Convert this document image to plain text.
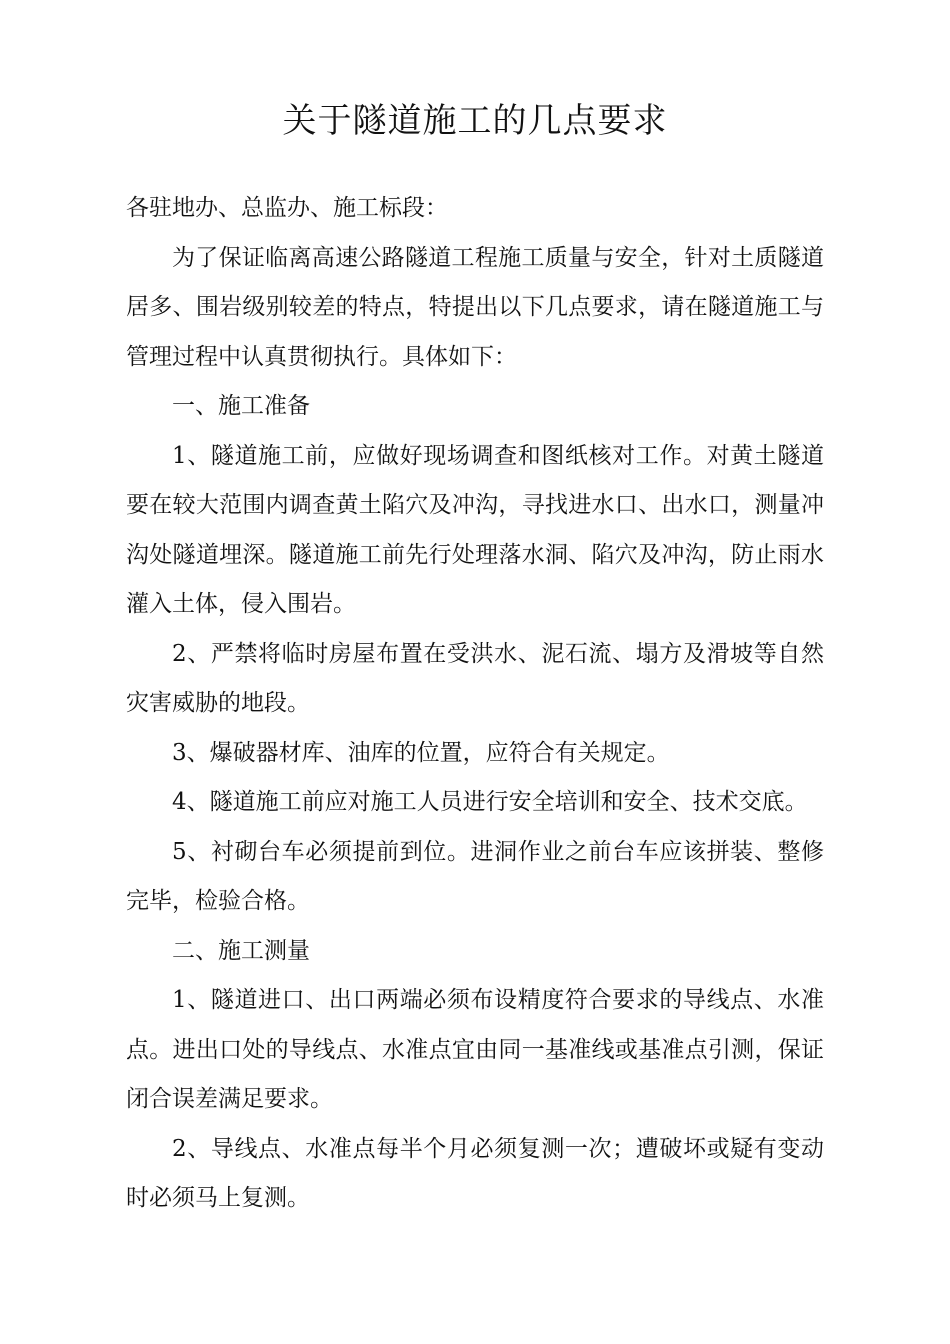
关于隧道施工的几点要求

各驻地办、总监办、施工标段：

为了保证临离高速公路隧道工程施工质量与安全，针对土质隧道居多、围岩级别较差的特点，特提出以下几点要求，请在隧道施工与管理过程中认真贯彻执行。具体如下：

一、施工准备

1、隧道施工前，应做好现场调查和图纸核对工作。对黄土隧道要在较大范围内调查黄土陷穴及冲沟，寻找进水口、出水口，测量冲沟处隧道埋深。隧道施工前先行处理落水洞、陷穴及冲沟，防止雨水灌入土体，侵入围岩。

2、严禁将临时房屋布置在受洪水、泥石流、塌方及滑坡等自然灾害威胁的地段。

3、爆破器材库、油库的位置，应符合有关规定。

4、隧道施工前应对施工人员进行安全培训和安全、技术交底。

5、衬砌台车必须提前到位。进洞作业之前台车应该拼装、整修完毕，检验合格。

二、施工测量

1、隧道进口、出口两端必须布设精度符合要求的导线点、水准点。进出口处的导线点、水准点宜由同一基准线或基准点引测，保证闭合误差满足要求。

2、导线点、水准点每半个月必须复测一次；遭破坏或疑有变动时必须马上复测。
